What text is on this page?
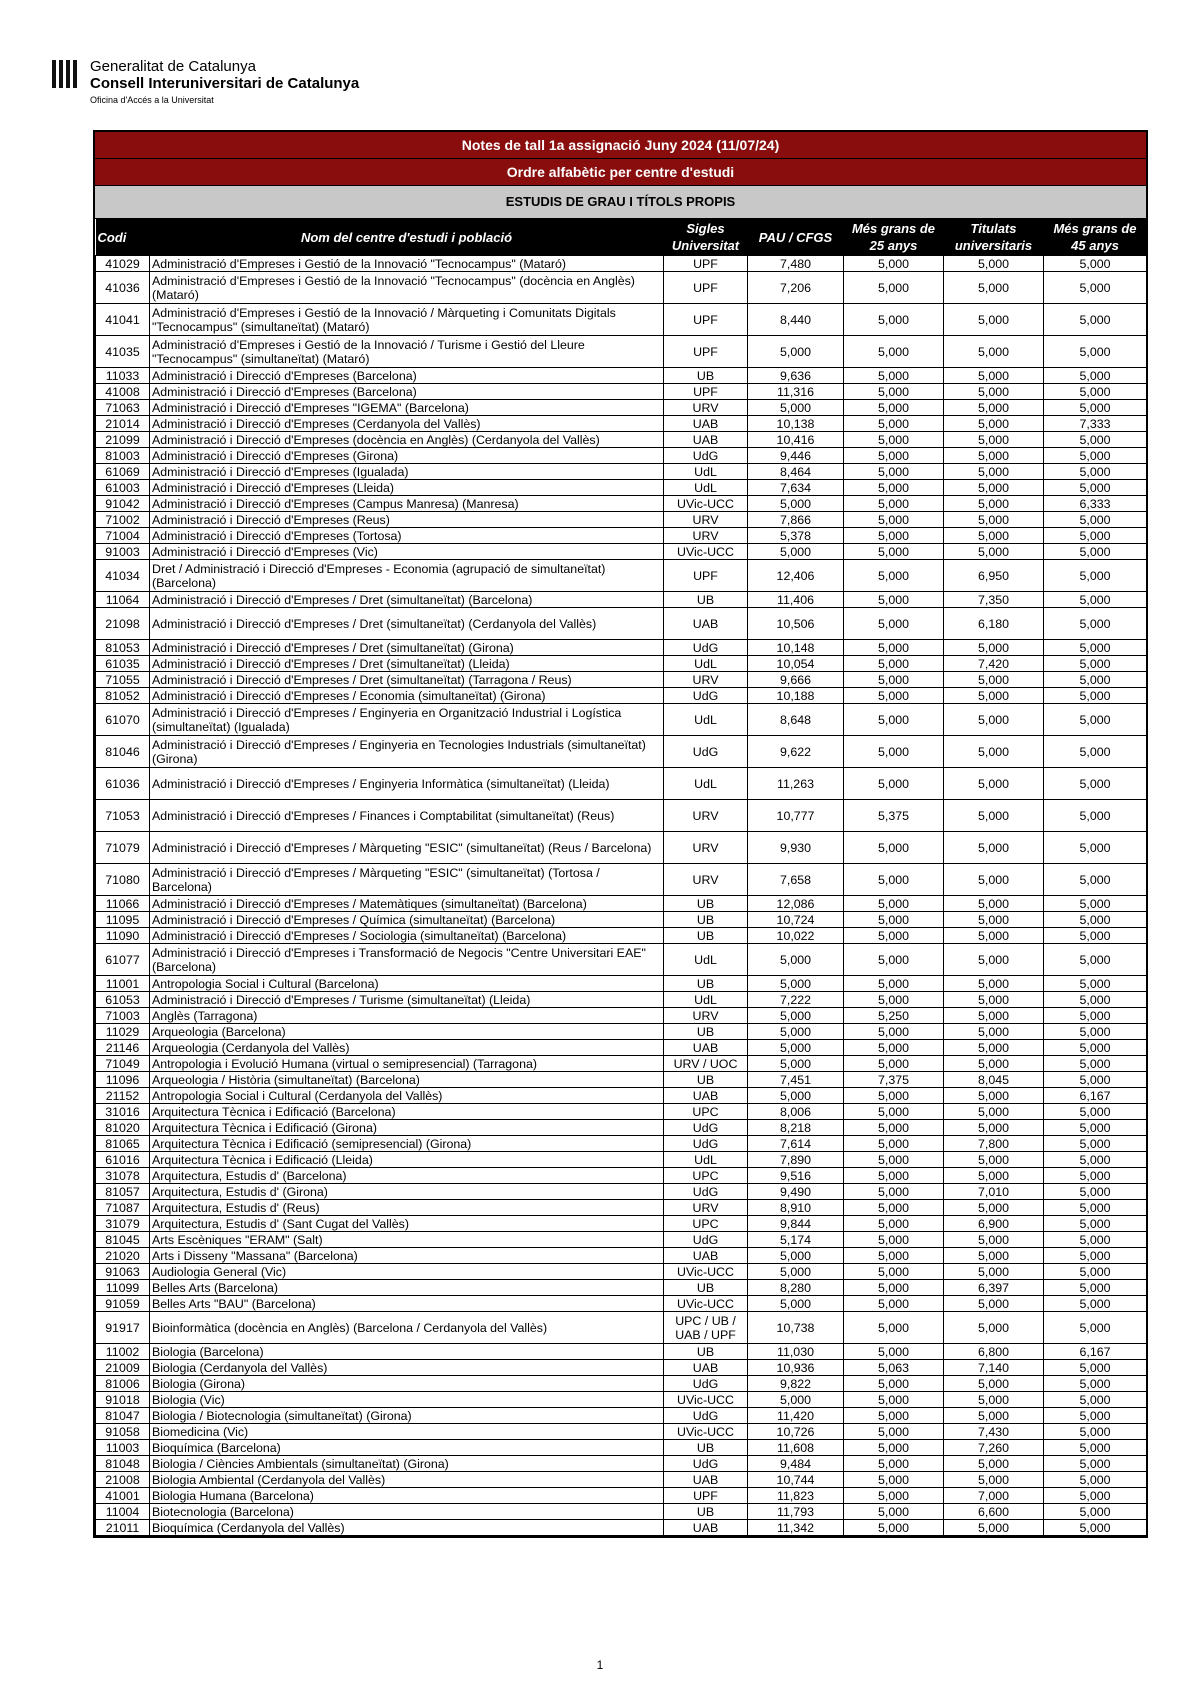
Generalitat de Catalunya
Consell Interuniversitari de Catalunya
Oficina d'Accés a la Universitat
Notes de tall 1a assignació Juny 2024 (11/07/24)
Ordre alfabètic per centre d'estudi
ESTUDIS DE GRAU I TÍTOLS PROPIS
Codi	Nom del centre d'estudi i població	Sigles Universitat	PAU / CFGS	Més grans de 25 anys	Titulats universitaris	Més grans de 45 anys
41029	Administració d'Empreses i Gestió de la Innovació "Tecnocampus" (Mataró)	UPF	7,480	5,000	5,000	5,000
41036	Administració d'Empreses i Gestió de la Innovació "Tecnocampus" (docència en Anglès) (Mataró)	UPF	7,206	5,000	5,000	5,000
41041	Administració d'Empreses i Gestió de la Innovació / Màrqueting i Comunitats Digitals "Tecnocampus" (simultaneïtat) (Mataró)	UPF	8,440	5,000	5,000	5,000
41035	Administració d'Empreses i Gestió de la Innovació / Turisme i Gestió del Lleure "Tecnocampus" (simultaneïtat) (Mataró)	UPF	5,000	5,000	5,000	5,000
11033	Administració i Direcció d'Empreses (Barcelona)	UB	9,636	5,000	5,000	5,000
41008	Administració i Direcció d'Empreses (Barcelona)	UPF	11,316	5,000	5,000	5,000
71063	Administració i Direcció d'Empreses "IGEMA" (Barcelona)	URV	5,000	5,000	5,000	5,000
21014	Administració i Direcció d'Empreses (Cerdanyola del Vallès)	UAB	10,138	5,000	5,000	7,333
21099	Administració i Direcció d'Empreses (docència en Anglès) (Cerdanyola del Vallès)	UAB	10,416	5,000	5,000	5,000
81003	Administració i Direcció d'Empreses (Girona)	UdG	9,446	5,000	5,000	5,000
61069	Administració i Direcció d'Empreses (Igualada)	UdL	8,464	5,000	5,000	5,000
61003	Administració i Direcció d'Empreses (Lleida)	UdL	7,634	5,000	5,000	5,000
91042	Administració i Direcció d'Empreses (Campus Manresa) (Manresa)	UVic-UCC	5,000	5,000	5,000	6,333
71002	Administració i Direcció d'Empreses (Reus)	URV	7,866	5,000	5,000	5,000
71004	Administració i Direcció d'Empreses (Tortosa)	URV	5,378	5,000	5,000	5,000
91003	Administració i Direcció d'Empreses (Vic)	UVic-UCC	5,000	5,000	5,000	5,000
41034	Dret / Administració i Direcció d'Empreses - Economia (agrupació de simultaneïtat) (Barcelona)	UPF	12,406	5,000	6,950	5,000
11064	Administració i Direcció d'Empreses / Dret (simultaneïtat) (Barcelona)	UB	11,406	5,000	7,350	5,000
21098	Administració i Direcció d'Empreses / Dret (simultaneïtat) (Cerdanyola del Vallès)	UAB	10,506	5,000	6,180	5,000
81053	Administració i Direcció d'Empreses / Dret (simultaneïtat) (Girona)	UdG	10,148	5,000	5,000	5,000
61035	Administració i Direcció d'Empreses / Dret (simultaneïtat) (Lleida)	UdL	10,054	5,000	7,420	5,000
71055	Administració i Direcció d'Empreses / Dret (simultaneïtat) (Tarragona / Reus)	URV	9,666	5,000	5,000	5,000
81052	Administració i Direcció d'Empreses / Economia (simultaneïtat) (Girona)	UdG	10,188	5,000	5,000	5,000
61070	Administració i Direcció d'Empreses / Enginyeria en Organització Industrial i Logística (simultaneïtat) (Igualada)	UdL	8,648	5,000	5,000	5,000
81046	Administració i Direcció d'Empreses / Enginyeria en Tecnologies Industrials (simultaneïtat) (Girona)	UdG	9,622	5,000	5,000	5,000
61036	Administració i Direcció d'Empreses / Enginyeria Informàtica (simultaneïtat) (Lleida)	UdL	11,263	5,000	5,000	5,000
71053	Administració i Direcció d'Empreses / Finances i Comptabilitat (simultaneïtat) (Reus)	URV	10,777	5,375	5,000	5,000
71079	Administració i Direcció d'Empreses / Màrqueting "ESIC" (simultaneïtat) (Reus / Barcelona)	URV	9,930	5,000	5,000	5,000
71080	Administració i Direcció d'Empreses / Màrqueting "ESIC" (simultaneïtat) (Tortosa / Barcelona)	URV	7,658	5,000	5,000	5,000
11066	Administració i Direcció d'Empreses / Matemàtiques (simultaneïtat) (Barcelona)	UB	12,086	5,000	5,000	5,000
11095	Administració i Direcció d'Empreses / Química (simultaneïtat) (Barcelona)	UB	10,724	5,000	5,000	5,000
11090	Administració i Direcció d'Empreses / Sociologia (simultaneïtat) (Barcelona)	UB	10,022	5,000	5,000	5,000
61077	Administració i Direcció d'Empreses i Transformació de Negocis "Centre Universitari EAE" (Barcelona)	UdL	5,000	5,000	5,000	5,000
11001	Antropologia Social i Cultural (Barcelona)	UB	5,000	5,000	5,000	5,000
61053	Administració i Direcció d'Empreses / Turisme (simultaneïtat) (Lleida)	UdL	7,222	5,000	5,000	5,000
71003	Anglès (Tarragona)	URV	5,000	5,250	5,000	5,000
11029	Arqueologia (Barcelona)	UB	5,000	5,000	5,000	5,000
21146	Arqueologia (Cerdanyola del Vallès)	UAB	5,000	5,000	5,000	5,000
71049	Antropologia i Evolució Humana (virtual o semipresencial) (Tarragona)	URV / UOC	5,000	5,000	5,000	5,000
11096	Arqueologia / Història (simultaneïtat) (Barcelona)	UB	7,451	7,375	8,045	5,000
21152	Antropologia Social i Cultural (Cerdanyola del Vallès)	UAB	5,000	5,000	5,000	6,167
31016	Arquitectura Tècnica i Edificació (Barcelona)	UPC	8,006	5,000	5,000	5,000
81020	Arquitectura Tècnica i Edificació (Girona)	UdG	8,218	5,000	5,000	5,000
81065	Arquitectura Tècnica i Edificació (semipresencial) (Girona)	UdG	7,614	5,000	7,800	5,000
61016	Arquitectura Tècnica i Edificació (Lleida)	UdL	7,890	5,000	5,000	5,000
31078	Arquitectura, Estudis d' (Barcelona)	UPC	9,516	5,000	5,000	5,000
81057	Arquitectura, Estudis d' (Girona)	UdG	9,490	5,000	7,010	5,000
71087	Arquitectura, Estudis d' (Reus)	URV	8,910	5,000	5,000	5,000
31079	Arquitectura, Estudis d' (Sant Cugat del Vallès)	UPC	9,844	5,000	6,900	5,000
81045	Arts Escèniques "ERAM" (Salt)	UdG	5,174	5,000	5,000	5,000
21020	Arts i Disseny "Massana" (Barcelona)	UAB	5,000	5,000	5,000	5,000
91063	Audiologia General (Vic)	UVic-UCC	5,000	5,000	5,000	5,000
11099	Belles Arts (Barcelona)	UB	8,280	5,000	6,397	5,000
91059	Belles Arts "BAU" (Barcelona)	UVic-UCC	5,000	5,000	5,000	5,000
91917	Bioinformàtica (docència en Anglès) (Barcelona / Cerdanyola del Vallès)	UPC / UB / UAB / UPF	10,738	5,000	5,000	5,000
11002	Biologia (Barcelona)	UB	11,030	5,000	6,800	6,167
21009	Biologia (Cerdanyola del Vallès)	UAB	10,936	5,063	7,140	5,000
81006	Biologia (Girona)	UdG	9,822	5,000	5,000	5,000
91018	Biologia (Vic)	UVic-UCC	5,000	5,000	5,000	5,000
81047	Biologia / Biotecnologia (simultaneïtat) (Girona)	UdG	11,420	5,000	5,000	5,000
91058	Biomedicina (Vic)	UVic-UCC	10,726	5,000	7,430	5,000
11003	Bioquímica (Barcelona)	UB	11,608	5,000	7,260	5,000
81048	Biologia / Ciències Ambientals (simultaneïtat) (Girona)	UdG	9,484	5,000	5,000	5,000
21008	Biologia Ambiental (Cerdanyola del Vallès)	UAB	10,744	5,000	5,000	5,000
41001	Biologia Humana (Barcelona)	UPF	11,823	5,000	7,000	5,000
11004	Biotecnologia (Barcelona)	UB	11,793	5,000	6,600	5,000
21011	Bioquímica (Cerdanyola del Vallès)	UAB	11,342	5,000	5,000	5,000
1
